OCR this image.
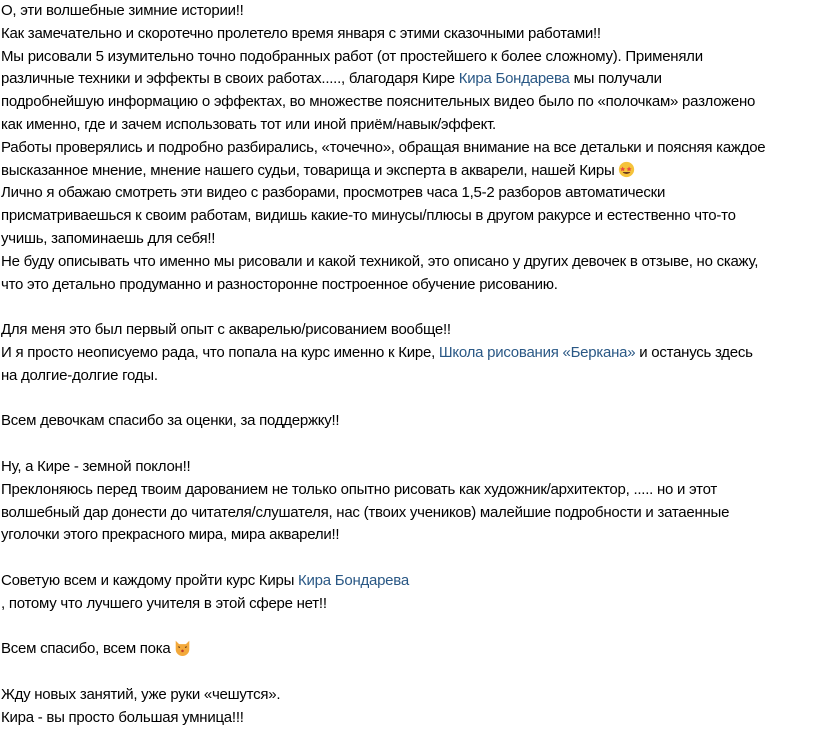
О, эти волшебные зимние истории!!
Как замечательно и скоротечно пролетело время января с этими сказочными работами!!
Мы рисовали 5 изумительно точно подобранных работ (от простейшего к более сложному). Применяли
различные техники и эффекты в своих работах....., благодаря Кире Кира Бондарева мы получали
подробнейшую информацию о эффектах, во множестве пояснительных видео было по «полочкам» разложено
как именно, где и зачем использовать тот или иной приём/навык/эффект.
Работы проверялись и подробно разбирались, «точечно», обращая внимание на все детальки и поясняя каждое
высказанное мнение, мнение нашего судьи, товарища и эксперта в акварели, нашей Киры
Лично я обажаю смотреть эти видео с разборами, просмотрев часа 1,5-2 разборов автоматически
присматриваешься к своим работам, видишь какие-то минусы/плюсы в другом ракурсе и естественно что-то
учишь, запоминаешь для себя!!
Не буду описывать что именно мы рисовали и какой техникой, это описано у других девочек в отзыве, но скажу,
что это детально продуманно и разносторонне построенное обучение рисованию.
Для меня это был первый опыт с акварелью/рисованием вообще!!
И я просто неописуемо рада, что попала на курс именно к Кире, Школа рисования «Беркана» и останусь здесь
на долгие-долгие годы.
Всем девочкам спасибо за оценки, за поддержку!!
Ну, а Кире - земной поклон!!
Преклоняюсь перед твоим дарованием не только опытно рисовать как художник/архитектор, ..... но и этот
волшебный дар донести до читателя/слушателя, нас (твоих учеников) малейшие подробности и затаенные
уголочки этого прекрасного мира, мира акварели!!
Советую всем и каждому пройти курс Киры Кира Бондарева
, потому что лучшего учителя в этой сфере нет!!
Всем спасибо, всем пока
Жду новых занятий, уже руки «чешутся».
Кира - вы просто большая умница!!!
